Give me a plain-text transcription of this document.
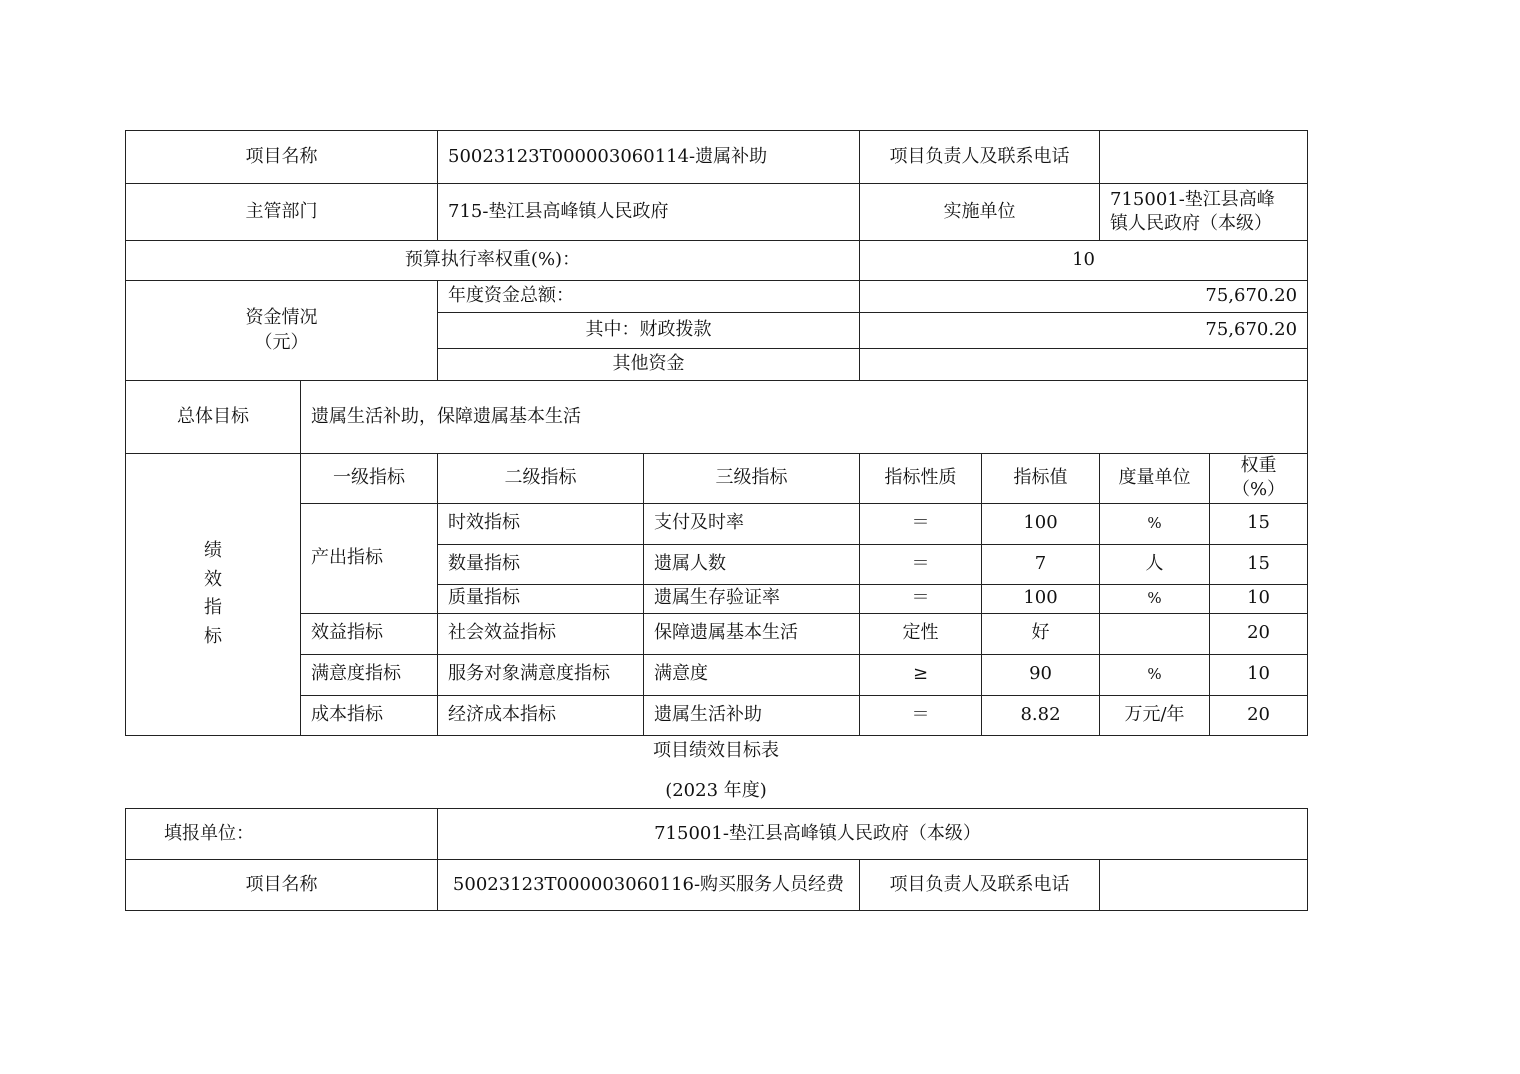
项目名称		50023123T000003060114-遗属补助		项目负责人及联系电话			
主管部门		715-垫江县高峰镇人民政府		实施单位		715001-垫江县高峰
镇人民政府（本级）	
预算执行率权重(%)：				10			
资金情况
（元）		年度资金总额：		75,670.20			
		其中：财政拨款		75,670.20			
		其他资金					
总体目标	遗属生活补助，保障遗属基本生活						
绩
效
指
标	一级指标	二级指标	三级指标	指标性质	指标值	度量单位	权重（%）
	产出指标	时效指标	支付及时率	＝	100	%	15
		数量指标	遗属人数	＝	7	人	15
		质量指标	遗属生存验证率	＝	100	%	10
	效益指标	社会效益指标	保障遗属基本生活	定性	好		20
	满意度指标	服务对象满意度指标	满意度	≥	90	%	10
	成本指标	经济成本指标	遗属生活补助	＝	8.82	万元/年	20
项目绩效目标表
(2023 年度)
填报单位：	715001-垫江县高峰镇人民政府（本级）		
项目名称	50023123T000003060116-购买服务人员经费	项目负责人及联系电话	
